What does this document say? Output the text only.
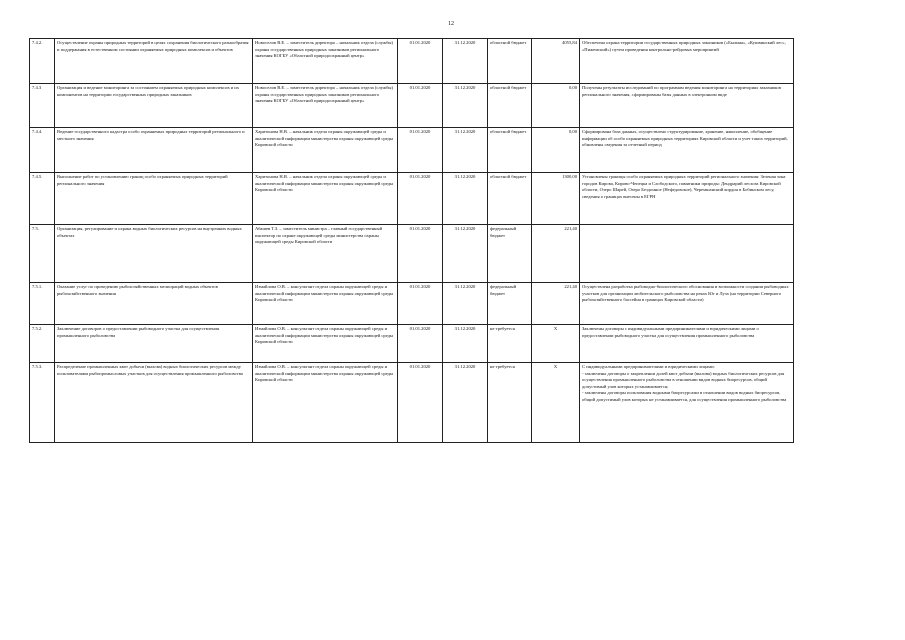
12
7.4.2.	Осуществление охраны природных территорий в целях сохранения биологического разнообразия и поддержания в естественном состоянии охраняемых природных комплексов и объектов	Новоселов В.Е. – заместитель директора – начальник отдела (службы) охраны государственных природных заказников регионального значения КОГБУ «Областной природоохранный центр»	01.01.2020	31.12.2020	областной бюджет	4055,84	Обеспечена охрана территории государственных природных заказников («Былина», «Кушвинский лес», «Пижемский») путем проведения контрольно-рейдовых мероприятий

7.4.3	Организация и ведение мониторинга за состоянием охраняемых природных комплексов и их компонентов на территории государственных природных заказников	Новоселов В.Е. – заместитель директора – начальник отдела (службы) охраны государственных природных заказников регионального значения КОГБУ «Областной природоохранный центр»	01.01.2020	31.12.2020	областной бюджет	0,00	Получены результаты исследований по программам ведения мониторинга на территориях заказников регионального значения, сформированы базы данных в электронном виде

7.4.4.	Ведение государственного кадастра особо охраняемых природных территорий регионального и местного значения	Харитонова Н.В. – начальник отдела охраны окружающей среды и аналитической информации министерства охраны окружающей среды Кировской области	01.01.2020	31.12.2020	областной бюджет	0,00	Сформирована база данных, осуществлено структурирование, хранение, накопление, обобщение информации об особо охраняемых природных территориях Кировской области и учет таких территорий, обновлены сведения за отчетный период

7.4.5.	Выполнение работ по установлению границ особо охраняемых природных территорий регионального значения	Харитонова Н.В. – начальник отдела охраны окружающей среды и аналитической информации министерства охраны окружающей среды Кировской области	01.01.2020	31.12.2020	областной бюджет	1300,00	Установлены границы особо охраняемых природных территорий регионального значения: Зеленая зона городов Кирова, Кирово-Чепецка и Слободского, памятники природы: Дендрарий лесхоза Кировской области, Озеро Шарей, Озеро Бездонное (Нефедовское), Черемшанский кордон в Бобинском лесу, сведения о границах внесены в ЕГРН

7.5.	Организация, регулирование и охрана водных биологических ресурсов на внутренних водных объектах	Абашев Т.З. – заместитель министра – главный государственный инспектор по охране окружающей среды министерства охраны окружающей среды Кировской области	01.01.2020	31.12.2020	федеральный бюджет	221,40	
7.5.1.	Оказание услуг по проведению рыбохозяйственных мелиораций водных объектов рыбохозяйственного значения	Измайлова О.В. – консультант отдела охраны окружающей среды и аналитической информации министерства охраны окружающей среды Кировской области	01.01.2020	31.12.2020	федеральный бюджет	221,40	Осуществлена разработка рыбоводно-биологического обоснования и возможности создания рыбоводных участков для организации любительского рыболовства на реках Юг и Луза (на территории Северного рыбохозяйственного бассейна в границах Кировской области)

7.5.2.	Заключение договоров о предоставлении рыбоводного участка для осуществления промышленного рыболовства	Измайлова О.В. – консультант отдела охраны окружающей среды и аналитической информации министерства охраны окружающей среды Кировской области	01.01.2020	31.12.2020	не требуется	Х	Заключены договоры с индивидуальными предпринимателями и юридическими лицами о предоставлении рыбоводного участка для осуществления промышленного рыболовства

7.5.3.	Распределение промышленных квот добычи (вылова) водных биологических ресурсов между пользователями рыбопромысловых участков для осуществления промышленного рыболовства	Измайлова О.В. – консультант отдела охраны окружающей среды и аналитической информации министерства охраны окружающей среды Кировской области	01.01.2020	31.12.2020	не требуется	Х	С индивидуальными предпринимателями и юридическими лицами:
- заключены договоры о закреплении долей квот добычи (вылова) водных биологических ресурсов для осуществления промышленного рыболовства в отношении видов водных биоресурсов, общий допустимый улов которых устанавливается;
- заключены договоры пользования водными биоресурсами в отношении видов водных биоресурсов, общий допустимый улов которых не устанавливается, для осуществления промышленного рыболовства
